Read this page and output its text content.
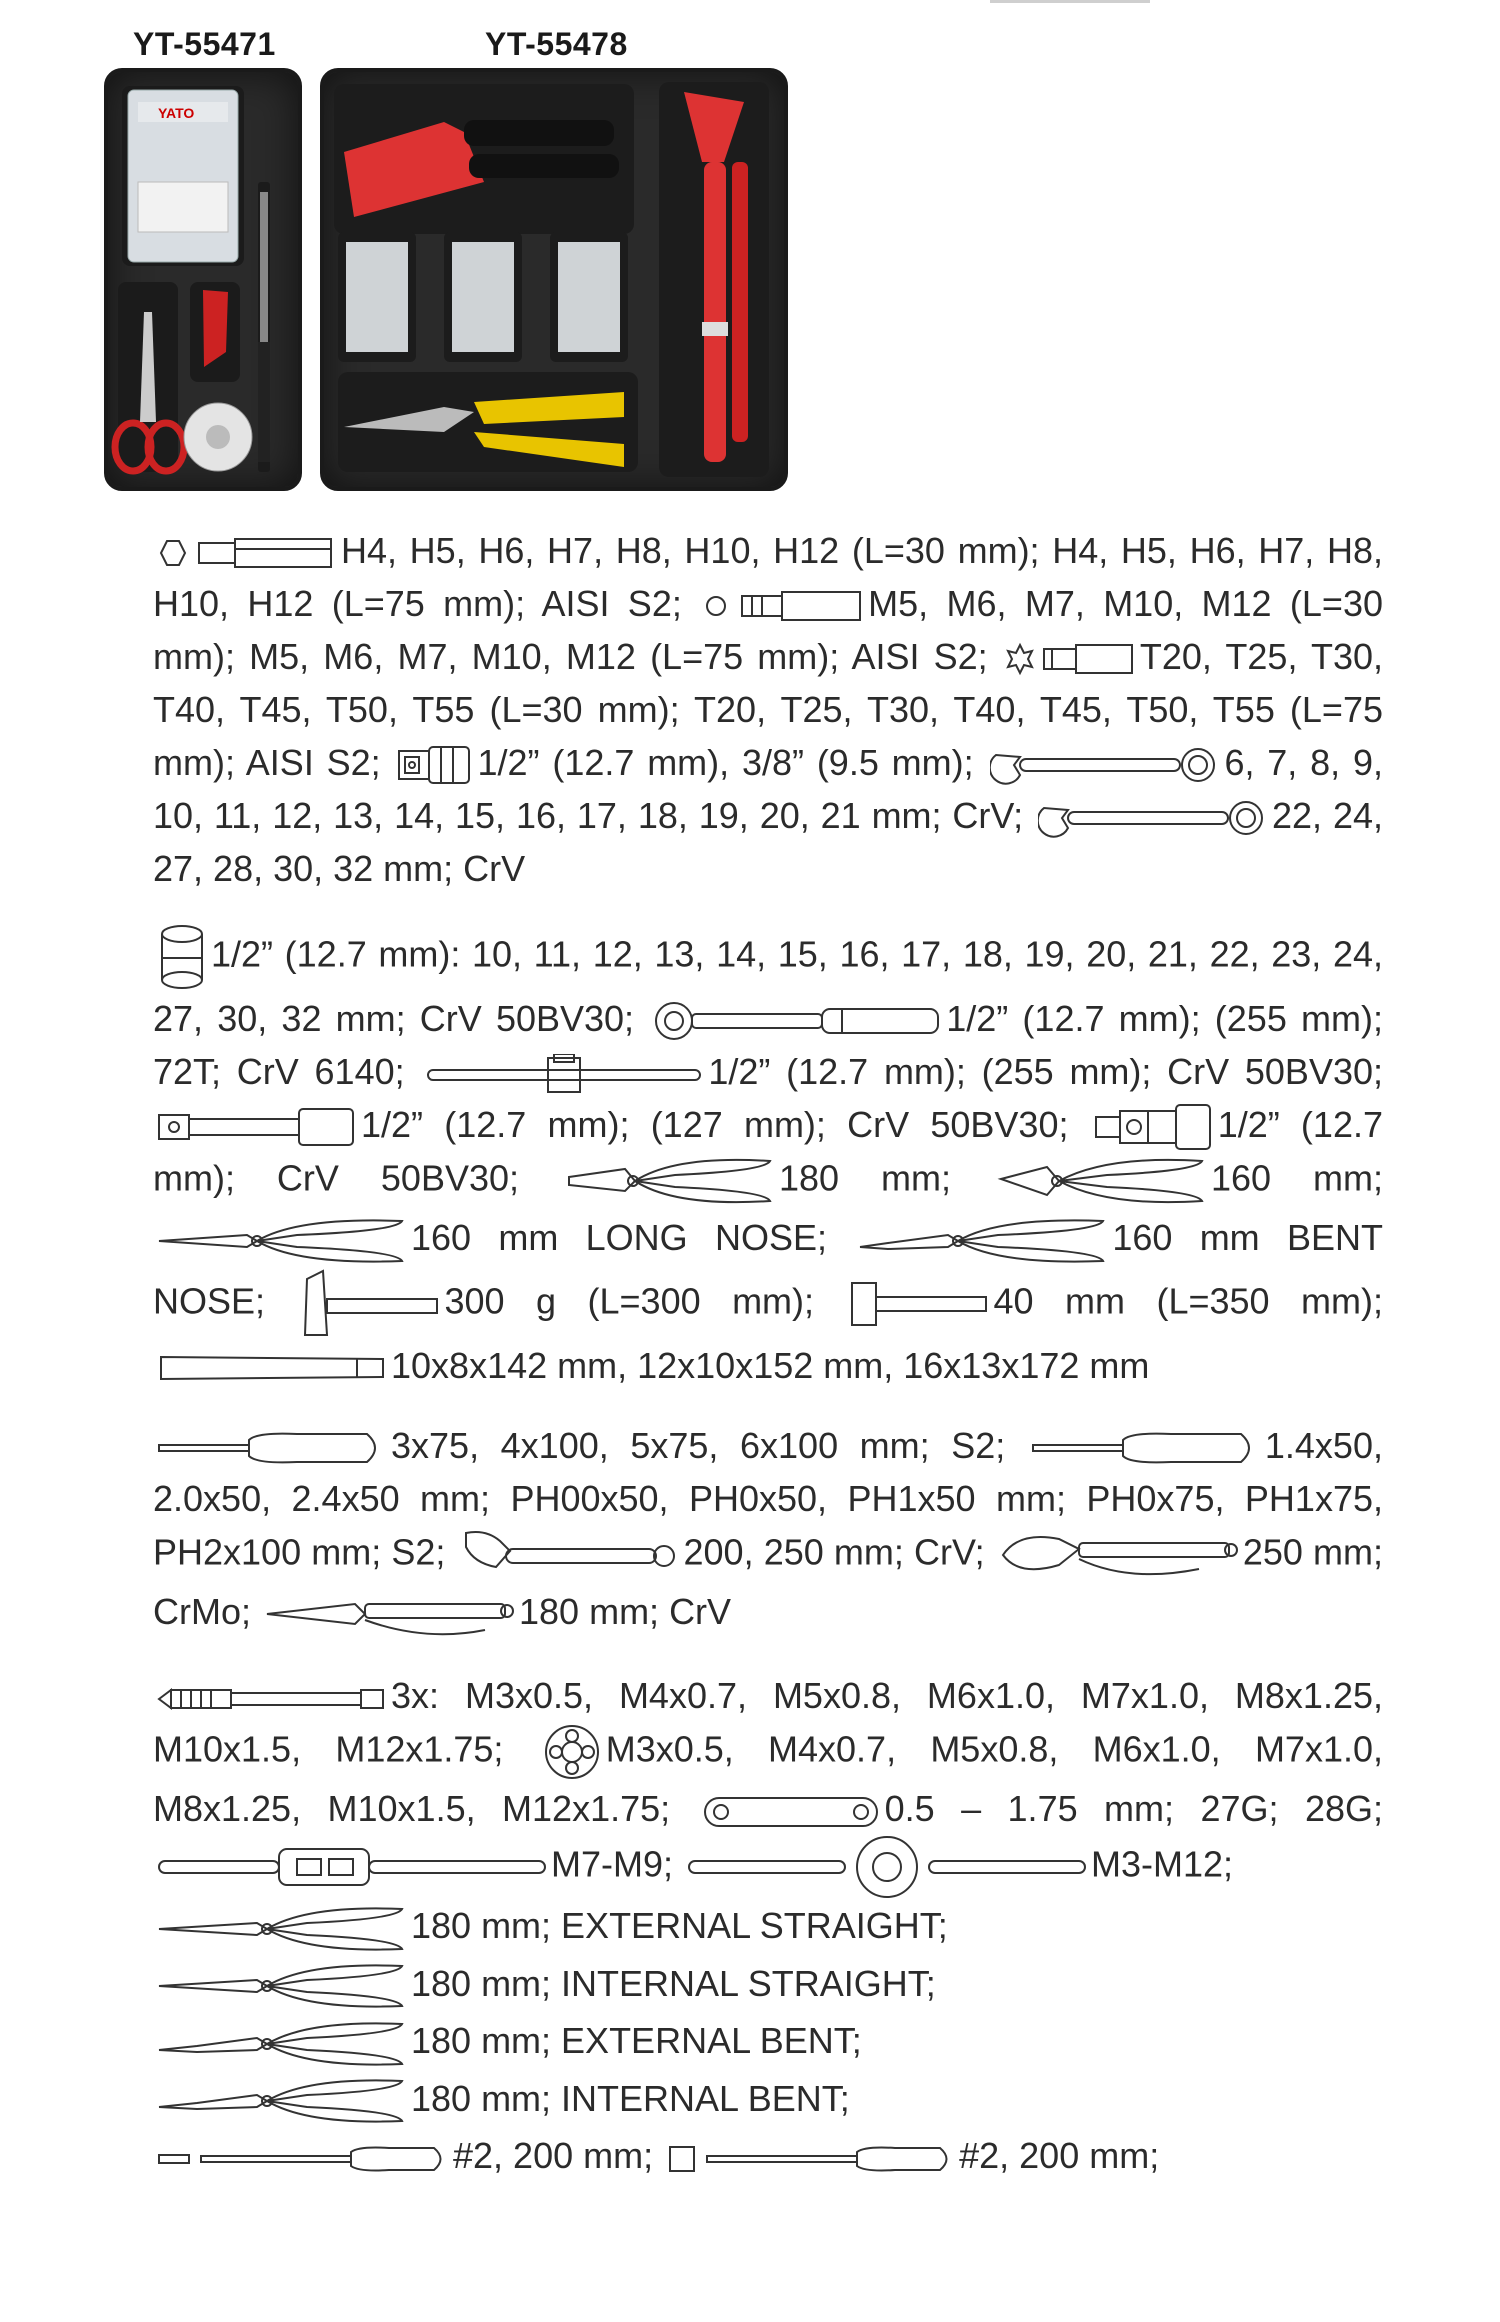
YT-55471	YT-55478
YATO

H4, H5, H6, H7, H8, H10, H12 (L=30 mm); H4, H5, H6, H7, H8, H10, H12 (L=75 mm); AISI S2;	M5, M6, M7, M10, M12 (L=30 mm); M5, M6, M7, M10, M12 (L=75 mm); AISI S2;	T20, T25, T30, T40, T45, T50, T55 (L=30 mm); T20, T25, T30, T40, T45, T50, T55 (L=75 mm); AISI S2;	1/2” (12.7 mm), 3/8” (9.5 mm);	6, 7, 8, 9, 10, 11, 12, 13, 14, 15, 16, 17, 18, 19, 20, 21 mm; CrV;	22, 24, 27, 28, 30, 32 mm; CrV

1/2” (12.7 mm): 10, 11, 12, 13, 14, 15, 16, 17, 18, 19, 20, 21, 22, 23, 24, 27, 30, 32 mm; CrV 50BV30;	1/2” (12.7 mm); (255 mm); 72T; CrV 6140;	1/2” (12.7 mm); (255 mm); CrV 50BV30;
1/2” (12.7 mm); (127 mm); CrV 50BV30;	1/2” (12.7 mm); CrV 50BV30;	180 mm;	160 mm;
160 mm LONG NOSE;	160 mm BENT NOSE;	300 g (L=300 mm);	40 mm (L=350 mm);
10x8x142 mm, 12x10x152 mm, 16x13x172 mm

3x75, 4x100, 5x75, 6x100 mm; S2;	1.4x50, 2.0x50, 2.4x50 mm; PH00x50, PH0x50, PH1x50 mm; PH0x75, PH1x75, PH2x100 mm; S2;	200, 250 mm; CrV;	250 mm; CrMo;	180 mm; CrV

3x: M3x0.5, M4x0.7, M5x0.8, M6x1.0, M7x1.0, M8x1.25, M10x1.5, M12x1.75;	M3x0.5, M4x0.7, M5x0.8, M6x1.0, M7x1.0, M8x1.25, M10x1.5, M12x1.75;	0.5 – 1.75 mm; 27G; 28G;
M7-M9;	M3-M12;
180 mm; EXTERNAL STRAIGHT;
180 mm; INTERNAL STRAIGHT;
180 mm; EXTERNAL BENT;
180 mm; INTERNAL BENT;
#2, 200 mm;	#2, 200 mm;
